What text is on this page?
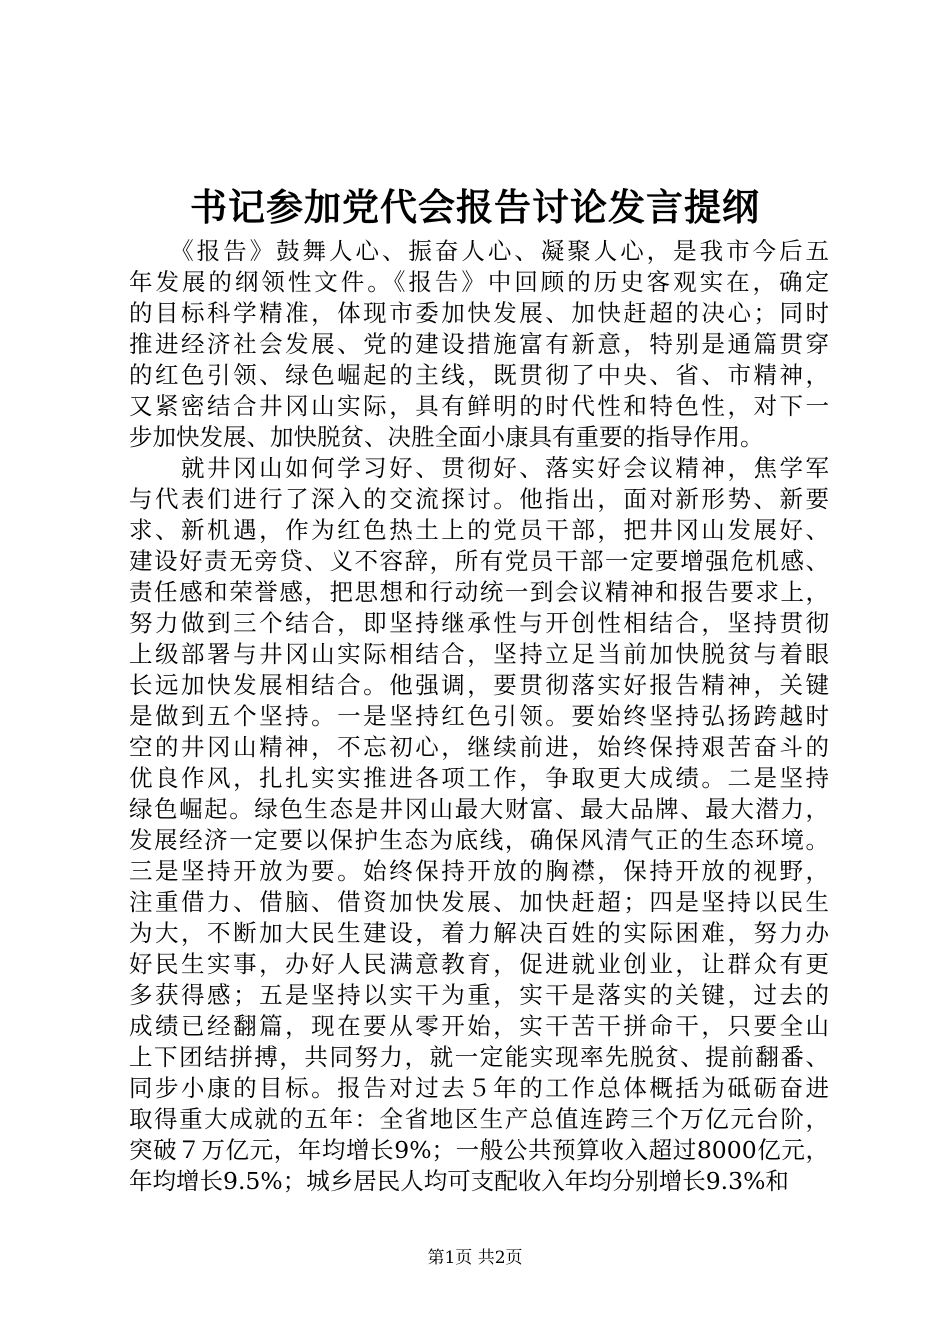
书记参加党代会报告讨论发言提纲
　　《报告》鼓舞人心、振奋人心、凝聚人心，是我市今后五
年发展的纲领性文件。《报告》中回顾的历史客观实在，确定
的目标科学精准，体现市委加快发展、加快赶超的决心；同时
推进经济社会发展、党的建设措施富有新意，特别是通篇贯穿
的红色引领、绿色崛起的主线，既贯彻了中央、省、市精神，
又紧密结合井冈山实际，具有鲜明的时代性和特色性，对下一
步加快发展、加快脱贫、决胜全面小康具有重要的指导作用。
　　就井冈山如何学习好、贯彻好、落实好会议精神，焦学军
与代表们进行了深入的交流探讨。他指出，面对新形势、新要
求、新机遇，作为红色热土上的党员干部，把井冈山发展好、
建设好责无旁贷、义不容辞，所有党员干部一定要增强危机感、
责任感和荣誉感，把思想和行动统一到会议精神和报告要求上，
努力做到三个结合，即坚持继承性与开创性相结合，坚持贯彻
上级部署与井冈山实际相结合，坚持立足当前加快脱贫与着眼
长远加快发展相结合。他强调，要贯彻落实好报告精神，关键
是做到五个坚持。一是坚持红色引领。要始终坚持弘扬跨越时
空的井冈山精神，不忘初心，继续前进，始终保持艰苦奋斗的
优良作风，扎扎实实推进各项工作，争取更大成绩。二是坚持
绿色崛起。绿色生态是井冈山最大财富、最大品牌、最大潜力，
发展经济一定要以保护生态为底线，确保风清气正的生态环境。
三是坚持开放为要。始终保持开放的胸襟，保持开放的视野，
注重借力、借脑、借资加快发展、加快赶超；四是坚持以民生
为大，不断加大民生建设，着力解决百姓的实际困难，努力办
好民生实事，办好人民满意教育，促进就业创业，让群众有更
多获得感；五是坚持以实干为重，实干是落实的关键，过去的
成绩已经翻篇，现在要从零开始，实干苦干拼命干，只要全山
上下团结拼搏，共同努力，就一定能实现率先脱贫、提前翻番、
同步小康的目标。报告对过去５年的工作总体概括为砥砺奋进
取得重大成就的五年：全省地区生产总值连跨三个万亿元台阶，
突破７万亿元，年均增长9%；一般公共预算收入超过8000亿元，
年均增长9.5%；城乡居民人均可支配收入年均分别增长9.3%和
第1页 共2页
